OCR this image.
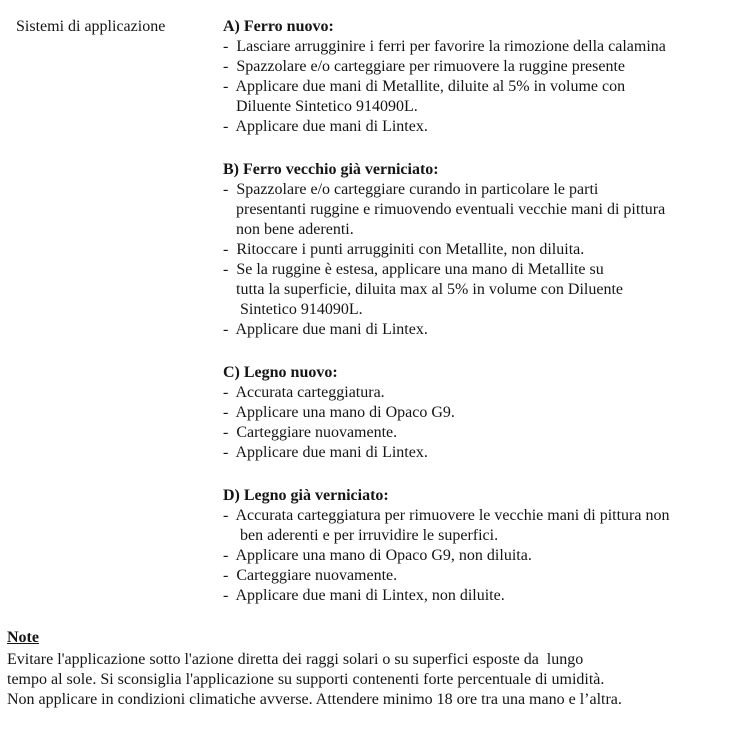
Sistemi di applicazione	A) Ferro nuovo:
-  Lasciare arrugginire i ferri per favorire la rimozione della calamina
-  Spazzolare e/o carteggiare per rimuovere la ruggine presente
-  Applicare due mani di Metallite, diluite al 5% in volume con
Diluente Sintetico 914090L.
-  Applicare due mani di Lintex.
B) Ferro vecchio già verniciato:
-  Spazzolare e/o carteggiare curando in particolare le parti
presentanti ruggine e rimuovendo eventuali vecchie mani di pittura
non bene aderenti.
-  Ritoccare i punti arrugginiti con Metallite, non diluita.
-  Se la ruggine è estesa, applicare una mano di Metallite su
tutta la superficie, diluita max al 5% in volume con Diluente
Sintetico 914090L.
-  Applicare due mani di Lintex.
C) Legno nuovo:
-  Accurata carteggiatura.
-  Applicare una mano di Opaco G9.
-  Carteggiare nuovamente.
-  Applicare due mani di Lintex.
D) Legno già verniciato:
-  Accurata carteggiatura per rimuovere le vecchie mani di pittura non
ben aderenti e per irruvidire le superfici.
-  Applicare una mano di Opaco G9, non diluita.
-  Carteggiare nuovamente.
-  Applicare due mani di Lintex, non diluite.
Note
Evitare l'applicazione sotto l'azione diretta dei raggi solari o su superfici esposte da  lungo
tempo al sole. Si sconsiglia l'applicazione su supporti contenenti forte percentuale di umidità.
Non applicare in condizioni climatiche avverse. Attendere minimo 18 ore tra una mano e l’altra.
